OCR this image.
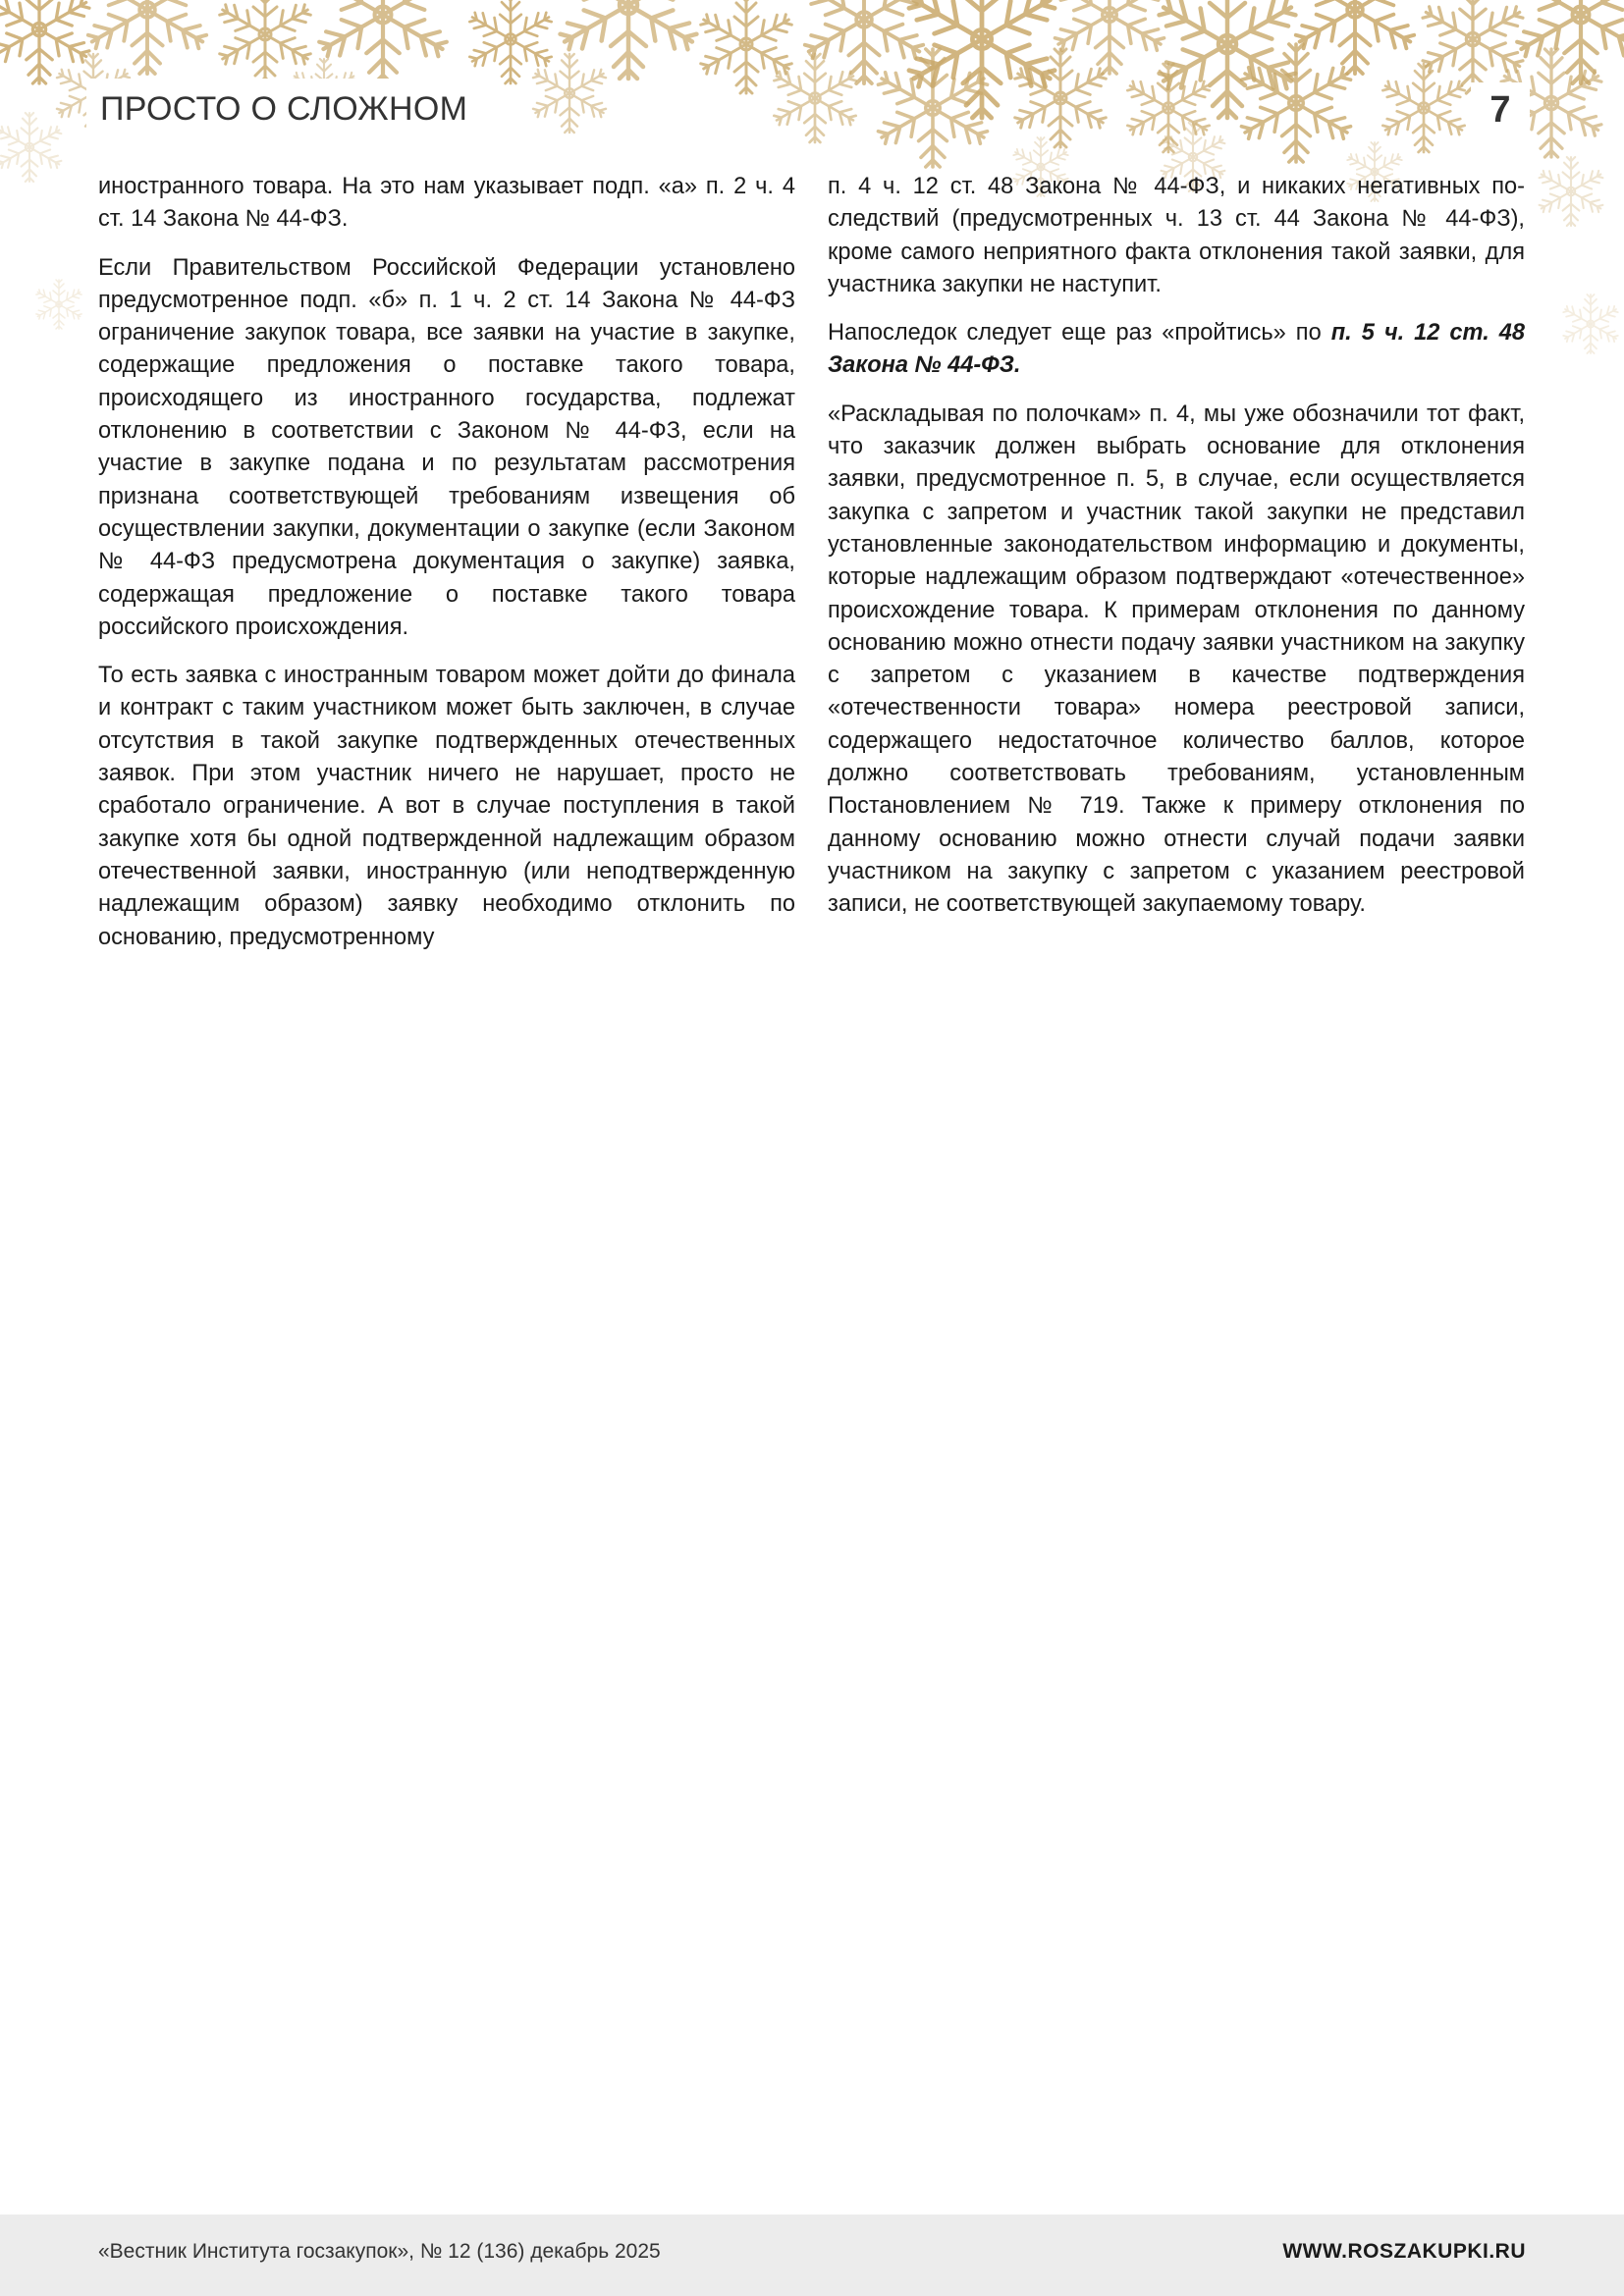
ПРОСТО О СЛОЖНОМ	7

иностранного товара. На это нам указывает подп. «а» п. 2 ч. 4 ст. 14 Закона № 44-ФЗ.

Если Правительством Российской Федерации установлено предусмотренное подп. «б» п. 1 ч. 2 ст. 14 Закона № 44-ФЗ ограничение закупок товара, все заявки на участие в закупке, содержащие предложения о поставке такого товара, происходящего из иностранного государства, подлежат отклонению в соответствии с Законом № 44-ФЗ, если на участие в закупке подана и по результатам рассмотрения признана соответствующей требованиям извещения об осуществлении закупки, документации о закупке (если Законом № 44-ФЗ предусмотрена документация о закупке) заявка, содержащая предложение о поставке такого товара российского происхождения.

То есть заявка с иностранным товаром может дойти до финала и контракт с таким участником может быть заключен, в случае отсутствия в такой закупке подтвержденных отечественных заявок. При этом участник ничего не нарушает, просто не сработало ограничение. А вот в случае поступления в такой закупке хотя бы одной подтвержденной надлежащим образом отечественной заявки, иностранную (или неподтвержденную надлежащим образом) заявку необходимо отклонить по основанию, предусмотренному

п. 4 ч. 12 ст. 48 Закона № 44-ФЗ, и никаких негативных последствий (предусмотренных ч. 13 ст. 44 Закона № 44-ФЗ), кроме самого неприятного факта отклонения такой заявки, для участника закупки не наступит.

Напоследок следует еще раз «пройтись» по п. 5 ч. 12 ст. 48 Закона № 44-ФЗ.

«Раскладывая по полочкам» п. 4, мы уже обозначили тот факт, что заказчик должен выбрать основание для отклонения заявки, предусмотренное п. 5, в случае, если осуществляется закупка с запретом и участник такой закупки не представил установленные законодательством информацию и документы, которые надлежащим образом подтверждают «отечественное» происхождение товара. К примерам отклонения по данному основанию можно отнести подачу заявки участником на закупку с запретом с указанием в качестве подтверждения «отечественности товара» номера реестровой записи, содержащего недостаточное количество баллов, которое должно соответствовать требованиям, установленным Постановлением № 719. Также к примеру отклонения по данному основанию можно отнести случай подачи заявки участником на закупку с запретом с указанием реестровой записи, не соответствующей закупаемому товару.

«Вестник Института госзакупок», № 12 (136) декабрь 2025	WWW.ROSZAKUPKI.RU
